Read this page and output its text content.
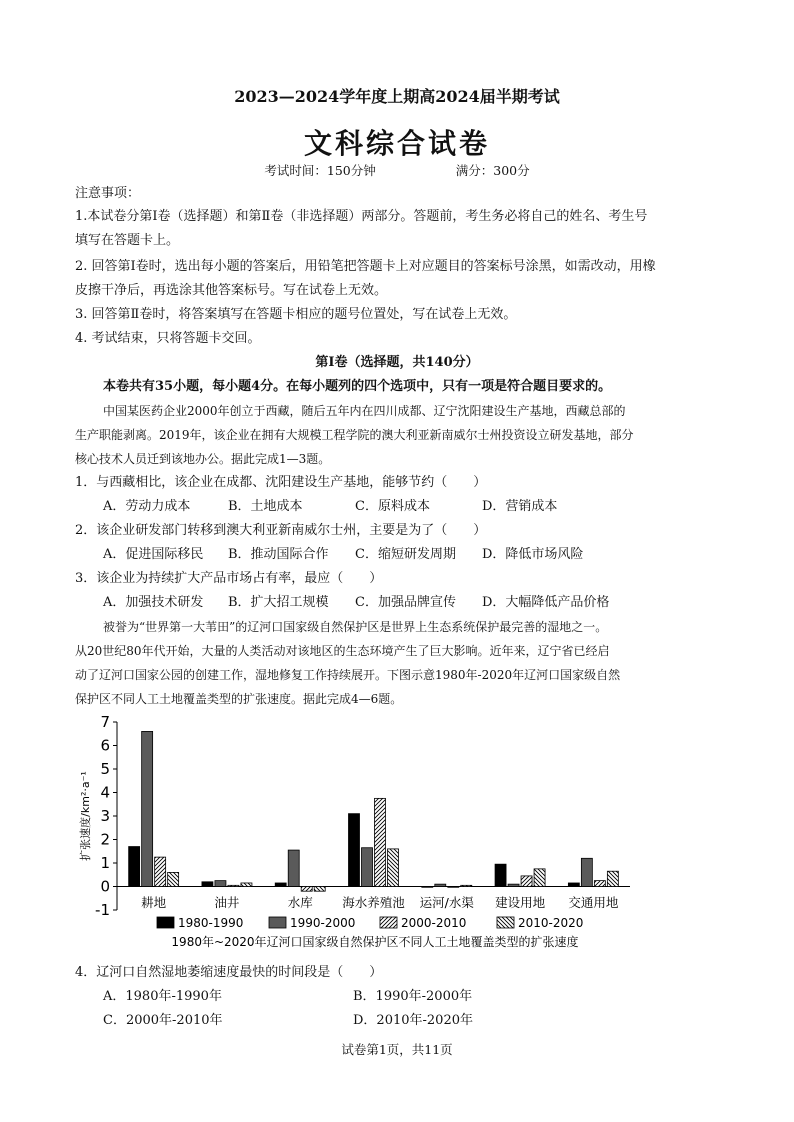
2023—2024学年度上期高2024届半期考试
文科综合试卷
考试时间：150分钟	满分：300分
注意事项：
1.本试卷分第Ⅰ卷（选择题）和第Ⅱ卷（非选择题）两部分。答题前，考生务必将自己的姓名、考生号
填写在答题卡上。
2. 回答第Ⅰ卷时，选出每小题的答案后，用铅笔把答题卡上对应题目的答案标号涂黑，如需改动，用橡
皮擦干净后，再选涂其他答案标号。写在试卷上无效。
3. 回答第Ⅱ卷时，将答案填写在答题卡相应的题号位置处，写在试卷上无效。
4. 考试结束，只将答题卡交回。
第Ⅰ卷（选择题，共140分）
本卷共有35小题，每小题4分。在每小题列的四个选项中，只有一项是符合题目要求的。
中国某医药企业2000年创立于西藏，随后五年内在四川成都、辽宁沈阳建设生产基地，西藏总部的
生产职能剥离。2019年，该企业在拥有大规模工程学院的澳大利亚新南威尔士州投资设立研发基地，部分
核心技术人员迁到该地办公。据此完成1—3题。
1．与西藏相比，该企业在成都、沈阳建设生产基地，能够节约（　　）
A．劳动力成本	B．土地成本	C．原料成本	D．营销成本
2．该企业研发部门转移到澳大利亚新南威尔士州，主要是为了（　　）
A．促进国际移民 B．推动国际合作 C．缩短研发周期 D．降低市场风险
3．该企业为持续扩大产品市场占有率，最应（　　）
A．加强技术研发 B．扩大招工规模 C．加强品牌宣传 D．大幅降低产品价格
被誉为“世界第一大苇田”的辽河口国家级自然保护区是世界上生态系统保护最完善的湿地之一。
从20世纪80年代开始，大量的人类活动对该地区的生态环境产生了巨大影响。近年来，辽宁省已经启
动了辽河口国家公园的创建工作，湿地修复工作持续展开。下图示意1980年-2020年辽河口国家级自然
保护区不同人工土地覆盖类型的扩张速度。据此完成4—6题。
-1
0
1
2
3
4
5
6
7
耕地	油井	水库 海水养殖池 运河/水渠 建设用地 交通用地
扩张速度/km²·a⁻¹
1980-1990	1990-2000	2000-2010	2010-2020
1980年~2020年辽河口国家级自然保护区不同人工土地覆盖类型的扩张速度
4．辽河口自然湿地萎缩速度最快的时间段是（　　）
A．1980年-1990年	B．1990年-2000年
C．2000年-2010年	D．2010年-2020年
试卷第1页，共11页
